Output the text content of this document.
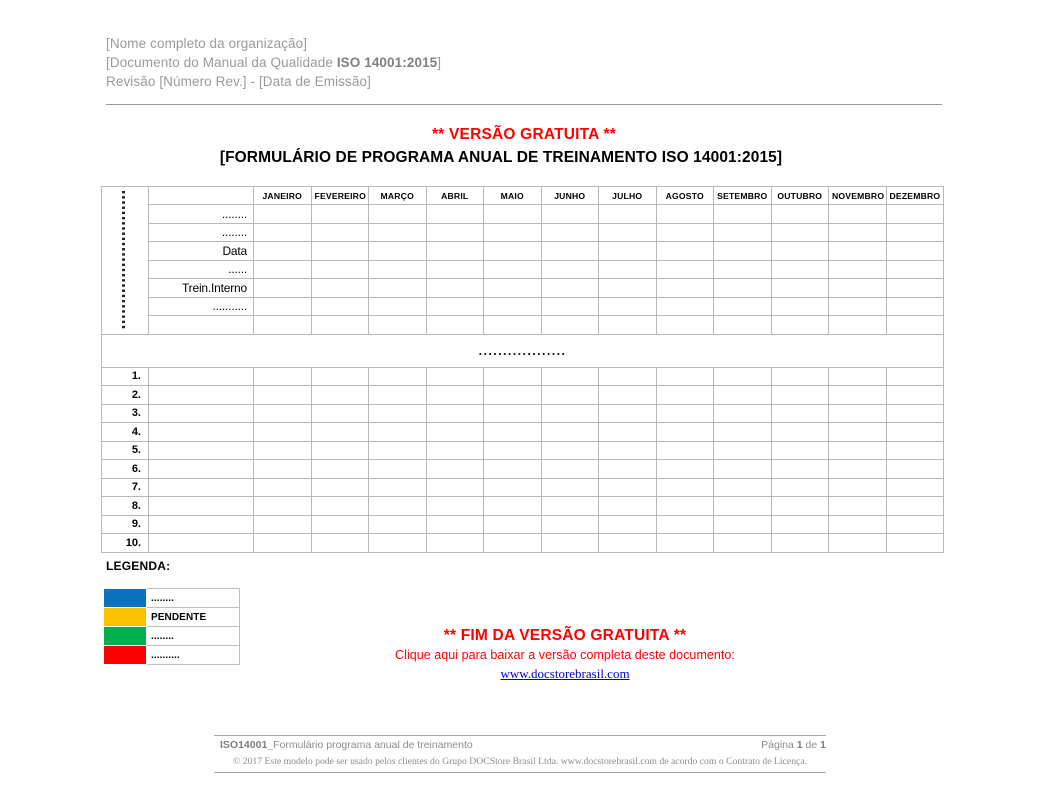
[Nome completo da organização]
[Documento do Manual da Qualidade ISO 14001:2015]
Revisão [Número Rev.] - [Data de Emissão]
** VERSÃO GRATUITA **
[FORMULÁRIO DE PROGRAMA ANUAL DE TREINAMENTO ISO 14001:2015]
		JANEIRO	FEVEREIRO	MARÇO	ABRIL	MAIO	JUNHO	JULHO	AGOSTO	SETEMBRO	OUTUBRO	NOVEMBRO	DEZEMBRO
	........												
	........												
	Data												
	......												
	Trein.Interno												
	...........												

..................													
1.													
2.													
3.													
4.													
5.													
6.													
7.													
8.													
9.													
10.													
LEGENDA:
	........
	PENDENTE
	........
	..........
** FIM DA VERSÃO GRATUITA **
Clique aqui para baixar a versão completa deste documento:
www.docstorebrasil.com
ISO14001_Formulário programa anual de treinamento	Página 1 de 1
© 2017 Este modelo pode ser usado pelos clientes do Grupo DOCStore Brasil Ltda. www.docstorebrasil.com de acordo com o Contrato de Licença.
